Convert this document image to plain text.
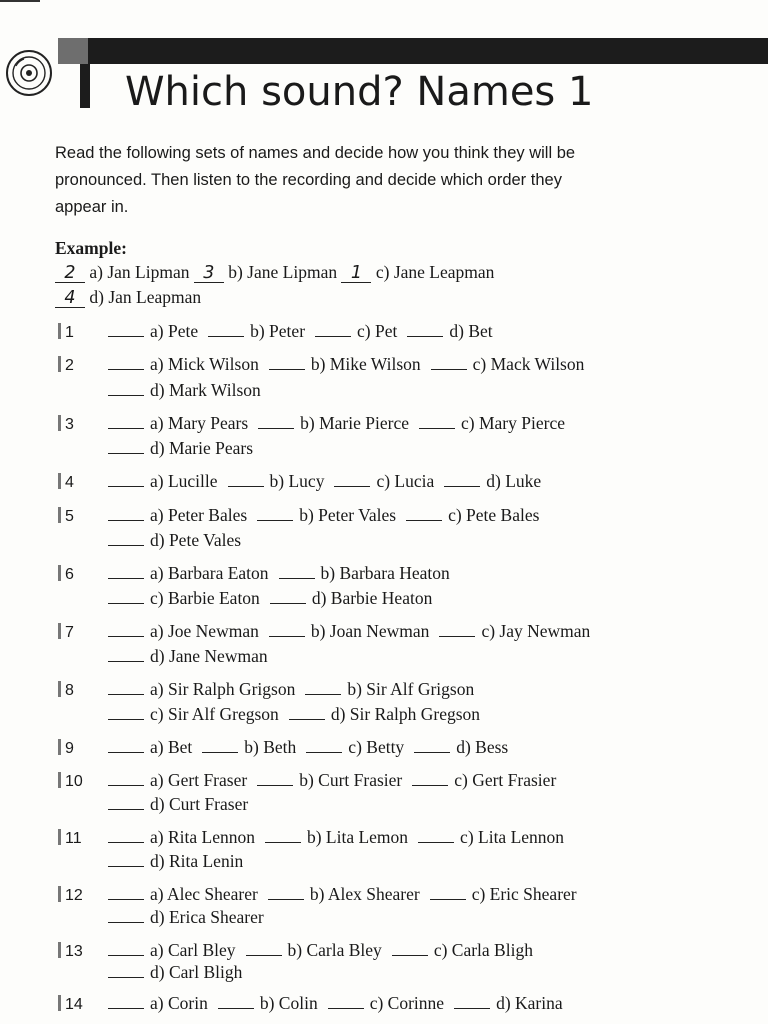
Which sound? Names 1
Read the following sets of names and decide how you think they will be
pronounced. Then listen to the recording and decide which order they
appear in.
Example:
2 a) Jan Lipman 3 b) Jane Lipman 1 c) Jane Leapman
4 d) Jan Leapman
1	a) Pete	b) Peter	c) Pet	d) Bet
2	a) Mick Wilson	b) Mike Wilson	c) Mack Wilson
d) Mark Wilson
3	a) Mary Pears	b) Marie Pierce	c) Mary Pierce
d) Marie Pears
4	a) Lucille	b) Lucy	c) Lucia	d) Luke
5	a) Peter Bales	b) Peter Vales	c) Pete Bales
d) Pete Vales
6	a) Barbara Eaton	b) Barbara Heaton
c) Barbie Eaton	d) Barbie Heaton
7	a) Joe Newman	b) Joan Newman	c) Jay Newman
d) Jane Newman
8	a) Sir Ralph Grigson	b) Sir Alf Grigson
c) Sir Alf Gregson	d) Sir Ralph Gregson
9	a) Bet	b) Beth	c) Betty	d) Bess
10	a) Gert Fraser	b) Curt Frasier	c) Gert Frasier
d) Curt Fraser
11	a) Rita Lennon	b) Lita Lemon	c) Lita Lennon
d) Rita Lenin
12	a) Alec Shearer	b) Alex Shearer	c) Eric Shearer
d) Erica Shearer
13	a) Carl Bley	b) Carla Bley	c) Carla Bligh
d) Carl Bligh
14	a) Corin	b) Colin	c) Corinne	d) Karina
